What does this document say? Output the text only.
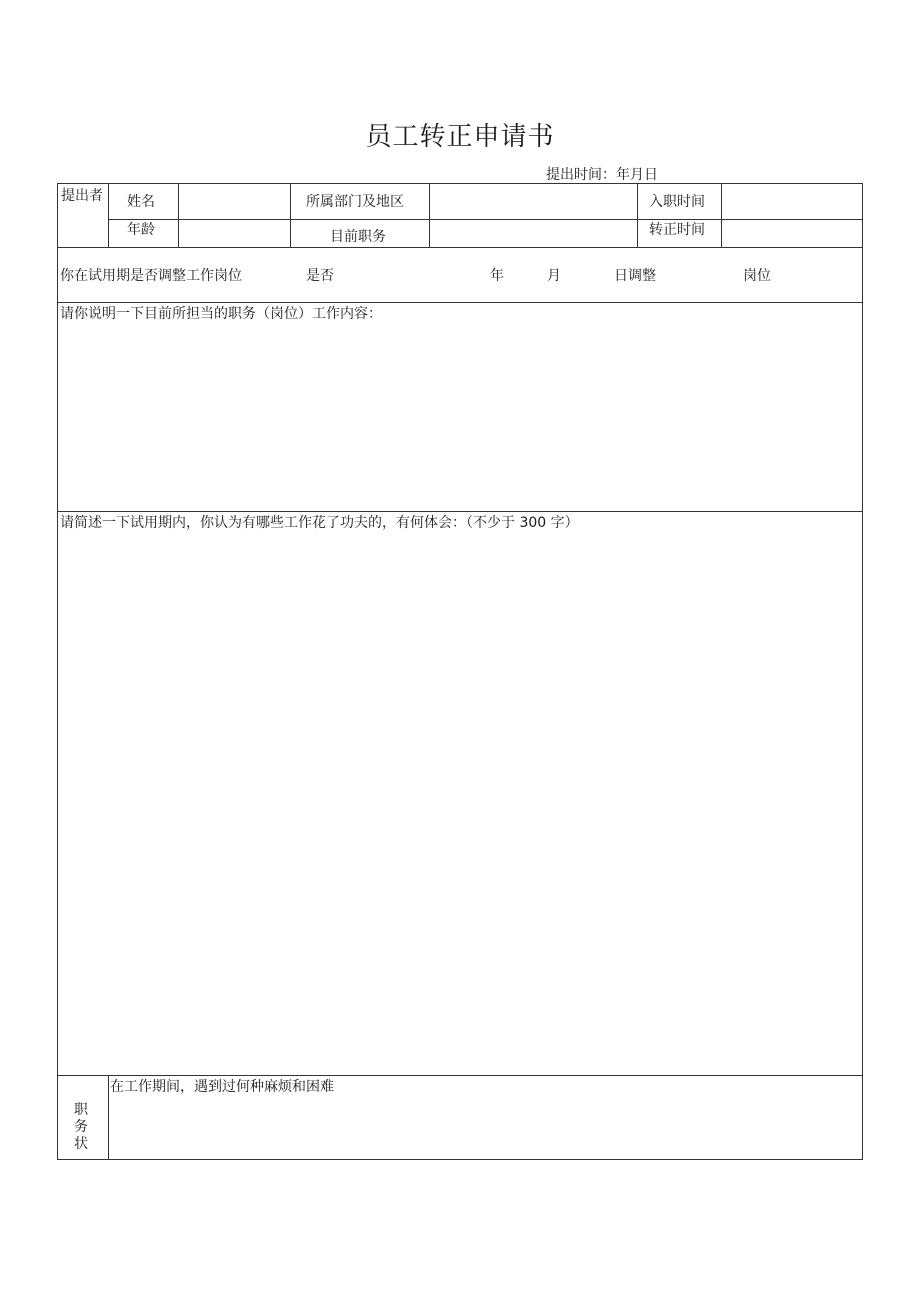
员工转正申请书
提出时间：年月日
提出者 姓名	所属部门及地区	入职时间
年龄	目前职务	转正时间
你在试用期是否调整工作岗位	是否	年	月	日调整	岗位
请你说明一下目前所担当的职务（岗位）工作内容：
请简述一下试用期内，你认为有哪些工作花了功夫的，有何体会：（不少于 300 字）
职
务
状
在工作期间，遇到过何种麻烦和困难
